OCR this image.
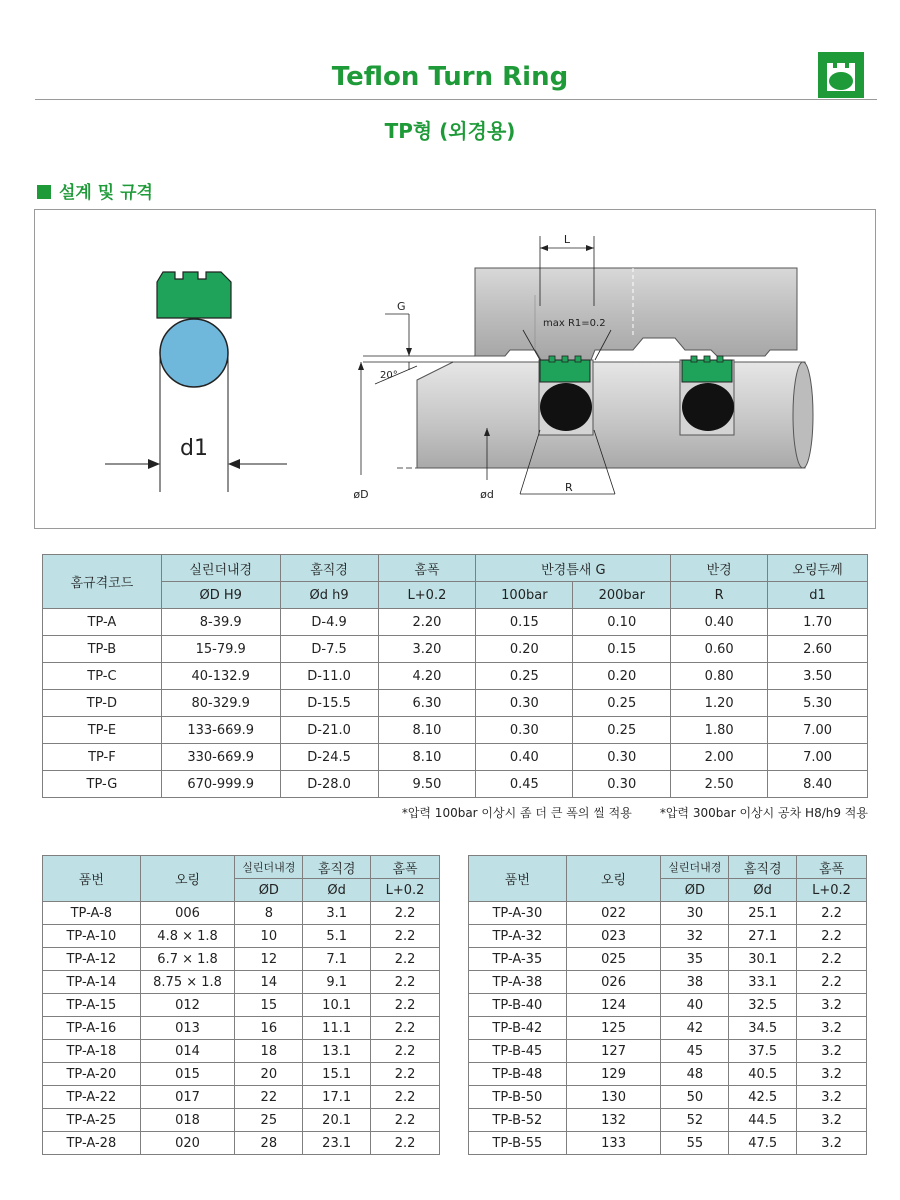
Teflon Turn Ring
TP형 (외경용)
설계 및 규격
d1
L
max R1=0.2
G
20°
øD	ød
R
홈규격코드	실린더내경	홈직경	홈폭	반경틈새 G		반경	오링두께
	ØD H9	Ød h9	L+0.2	100bar	200bar	R	d1
TP-A	8-39.9	D-4.9	2.20	0.15	0.10	0.40	1.70
TP-B	15-79.9	D-7.5	3.20	0.20	0.15	0.60	2.60
TP-C	40-132.9	D-11.0	4.20	0.25	0.20	0.80	3.50
TP-D	80-329.9	D-15.5	6.30	0.30	0.25	1.20	5.30
TP-E	133-669.9	D-21.0	8.10	0.30	0.25	1.80	7.00
TP-F	330-669.9	D-24.5	8.10	0.40	0.30	2.00	7.00
TP-G	670-999.9	D-28.0	9.50	0.45	0.30	2.50	8.40
*압력 100bar 이상시 좀 더 큰 폭의 씰 적용 *압력 300bar 이상시 공차 H8/h9 적용
품번	오링	실린더내경	홈직경	홈폭
		ØD	Ød	L+0.2
TP-A-8	006	8	3.1	2.2
TP-A-10	4.8 × 1.8	10	5.1	2.2
TP-A-12	6.7 × 1.8	12	7.1	2.2
TP-A-14	8.75 × 1.8	14	9.1	2.2
TP-A-15	012	15	10.1	2.2
TP-A-16	013	16	11.1	2.2
TP-A-18	014	18	13.1	2.2
TP-A-20	015	20	15.1	2.2
TP-A-22	017	22	17.1	2.2
TP-A-25	018	25	20.1	2.2
TP-A-28	020	28	23.1	2.2
품번	오링	실린더내경	홈직경	홈폭
		ØD	Ød	L+0.2
TP-A-30	022	30	25.1	2.2
TP-A-32	023	32	27.1	2.2
TP-A-35	025	35	30.1	2.2
TP-A-38	026	38	33.1	2.2
TP-B-40	124	40	32.5	3.2
TP-B-42	125	42	34.5	3.2
TP-B-45	127	45	37.5	3.2
TP-B-48	129	48	40.5	3.2
TP-B-50	130	50	42.5	3.2
TP-B-52	132	52	44.5	3.2
TP-B-55	133	55	47.5	3.2
